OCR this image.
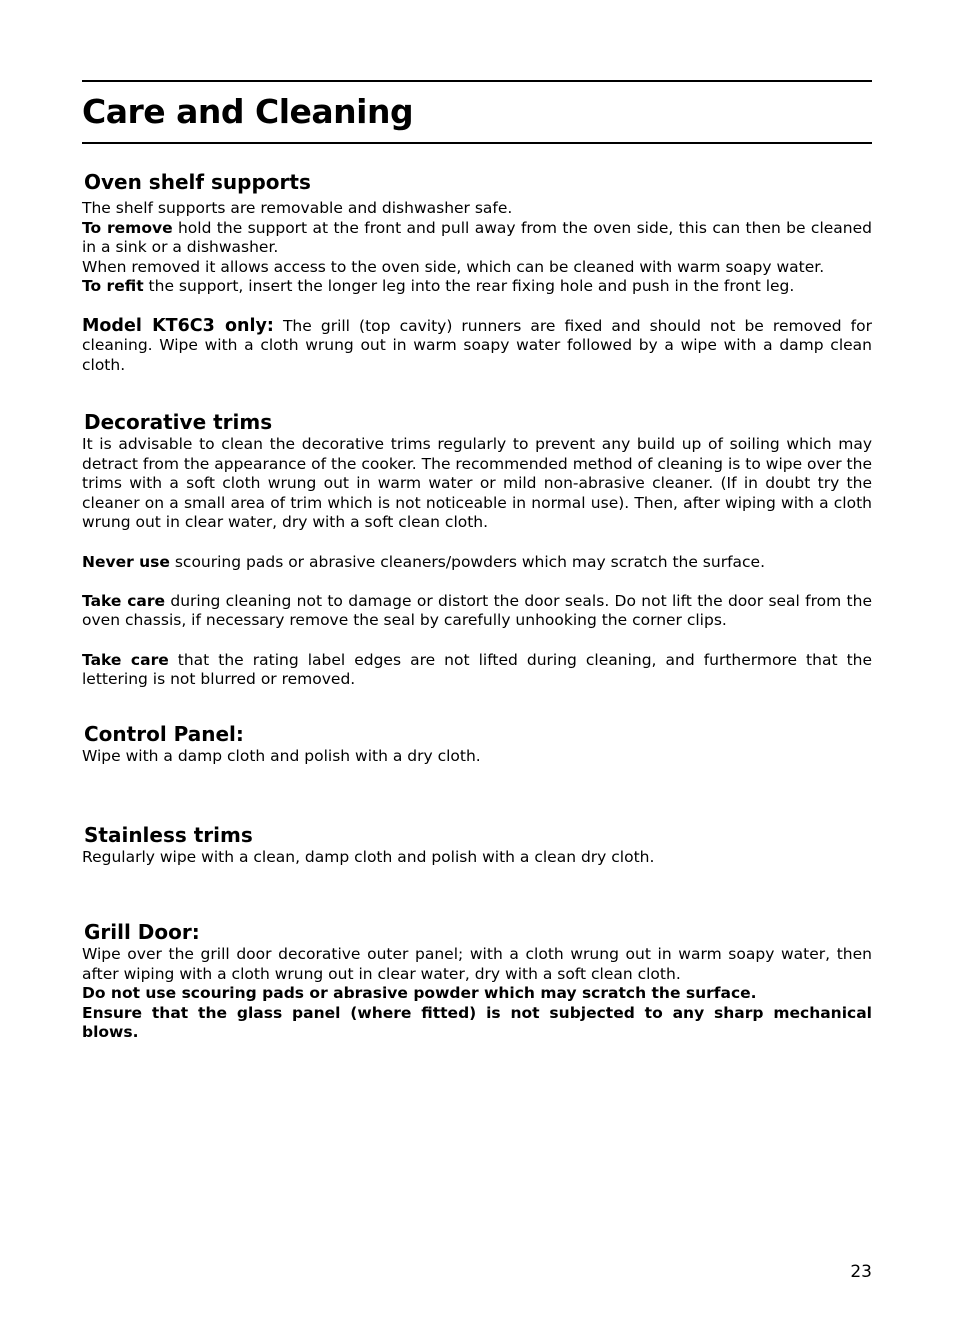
Care and Cleaning
Oven shelf supports

The shelf supports are removable and dishwasher safe.

To remove hold the support at the front and pull away from the oven side, this can then be cleaned in a sink or a dishwasher.

When removed it allows access to the oven side, which can be cleaned with warm soapy water.

To refit the support, insert the longer leg into the rear fixing hole and push in the front leg.

Model KT6C3 only: The grill (top cavity) runners are fixed and should not be removed for cleaning. Wipe with a cloth wrung out in warm soapy water followed by a wipe with a damp clean cloth.

Decorative trims

It is advisable to clean the decorative trims regularly to prevent any build up of soiling which may detract from the appearance of the cooker. The recommended method of cleaning is to wipe over the trims with a soft cloth wrung out in warm water or mild non-abrasive cleaner. (If in doubt try the cleaner on a small area of trim which is not noticeable in normal use). Then, after wiping with a cloth wrung out in clear water, dry with a soft clean cloth.

Never use scouring pads or abrasive cleaners/powders which may scratch the surface.

Take care during cleaning not to damage or distort the door seals. Do not lift the door seal from the oven chassis, if necessary remove the seal by carefully unhooking the corner clips.

Take care that the rating label edges are not lifted during cleaning, and furthermore that the lettering is not blurred or removed.

Control Panel:

Wipe with a damp cloth and polish with a dry cloth.

Stainless trims

Regularly wipe with a clean, damp cloth and polish with a clean dry cloth.

Grill Door:

Wipe over the grill door decorative outer panel; with a cloth wrung out in warm soapy water, then after wiping with a cloth wrung out in clear water, dry with a soft clean cloth.

Do not use scouring pads or abrasive powder which may scratch the surface.

Ensure that the glass panel (where fitted) is not subjected to any sharp mechanical blows.

23
